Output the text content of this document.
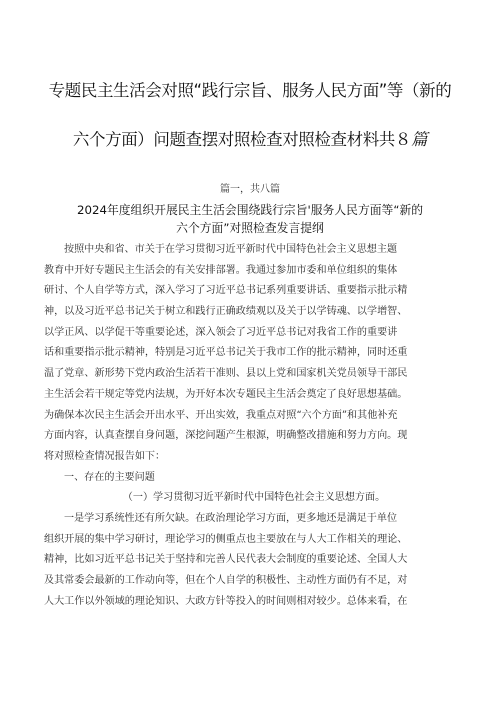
专题民主生活会对照“践行宗旨、服务人民方面”等（新的
六个方面）问题查摆对照检查对照检查材料共８篇
篇一，共八篇
2024年度组织开展民主生活会围绕践行宗旨'服务人民方面等“新的
六个方面”对照检查发言提纲
按照中央和省、市关于在学习贯彻习近平新时代中国特色社会主义思想主题
教育中开好专题民主生活会的有关安排部署。我通过参加市委和单位组织的集体
研讨、个人自学等方式，深入学习了习近平总书记系列重要讲话、重要指示批示精
神，以及习近平总书记关于树立和践行正确政绩观以及关于以学铸魂、以学增智、
以学正风、以学促干等重要论述，深入领会了习近平总书记对我省工作的重要讲
话和重要指示批示精神，特别是习近平总书记关于我市工作的批示精神，同时还重
温了党章、新形势下党内政治生活若干准则、县以上党和国家机关党员领导干部民
主生活会若干规定等党内法规，为开好本次专题民主生活会奠定了良好思想基础。
为确保本次民主生活会开出水平、开出实效，我重点对照“六个方面”和其他补充
方面内容，认真查摆自身问题，深挖问题产生根源，明确整改措施和努力方向。现
将对照检查情况报告如下：
一、存在的主要问题
（一）学习贯彻习近平新时代中国特色社会主义思想方面。
一是学习系统性还有所欠缺。在政治理论学习方面，更多地还是满足于单位
组织开展的集中学习研讨，理论学习的侧重点也主要放在与人大工作相关的理论、
精神，比如习近平总书记关于坚持和完善人民代表大会制度的重要论述、全国人大
及其常委会最新的工作动向等，但在个人自学的积极性、主动性方面仍有不足，对
人大工作以外领域的理论知识、大政方针等投入的时间则相对较少。总体来看，在
